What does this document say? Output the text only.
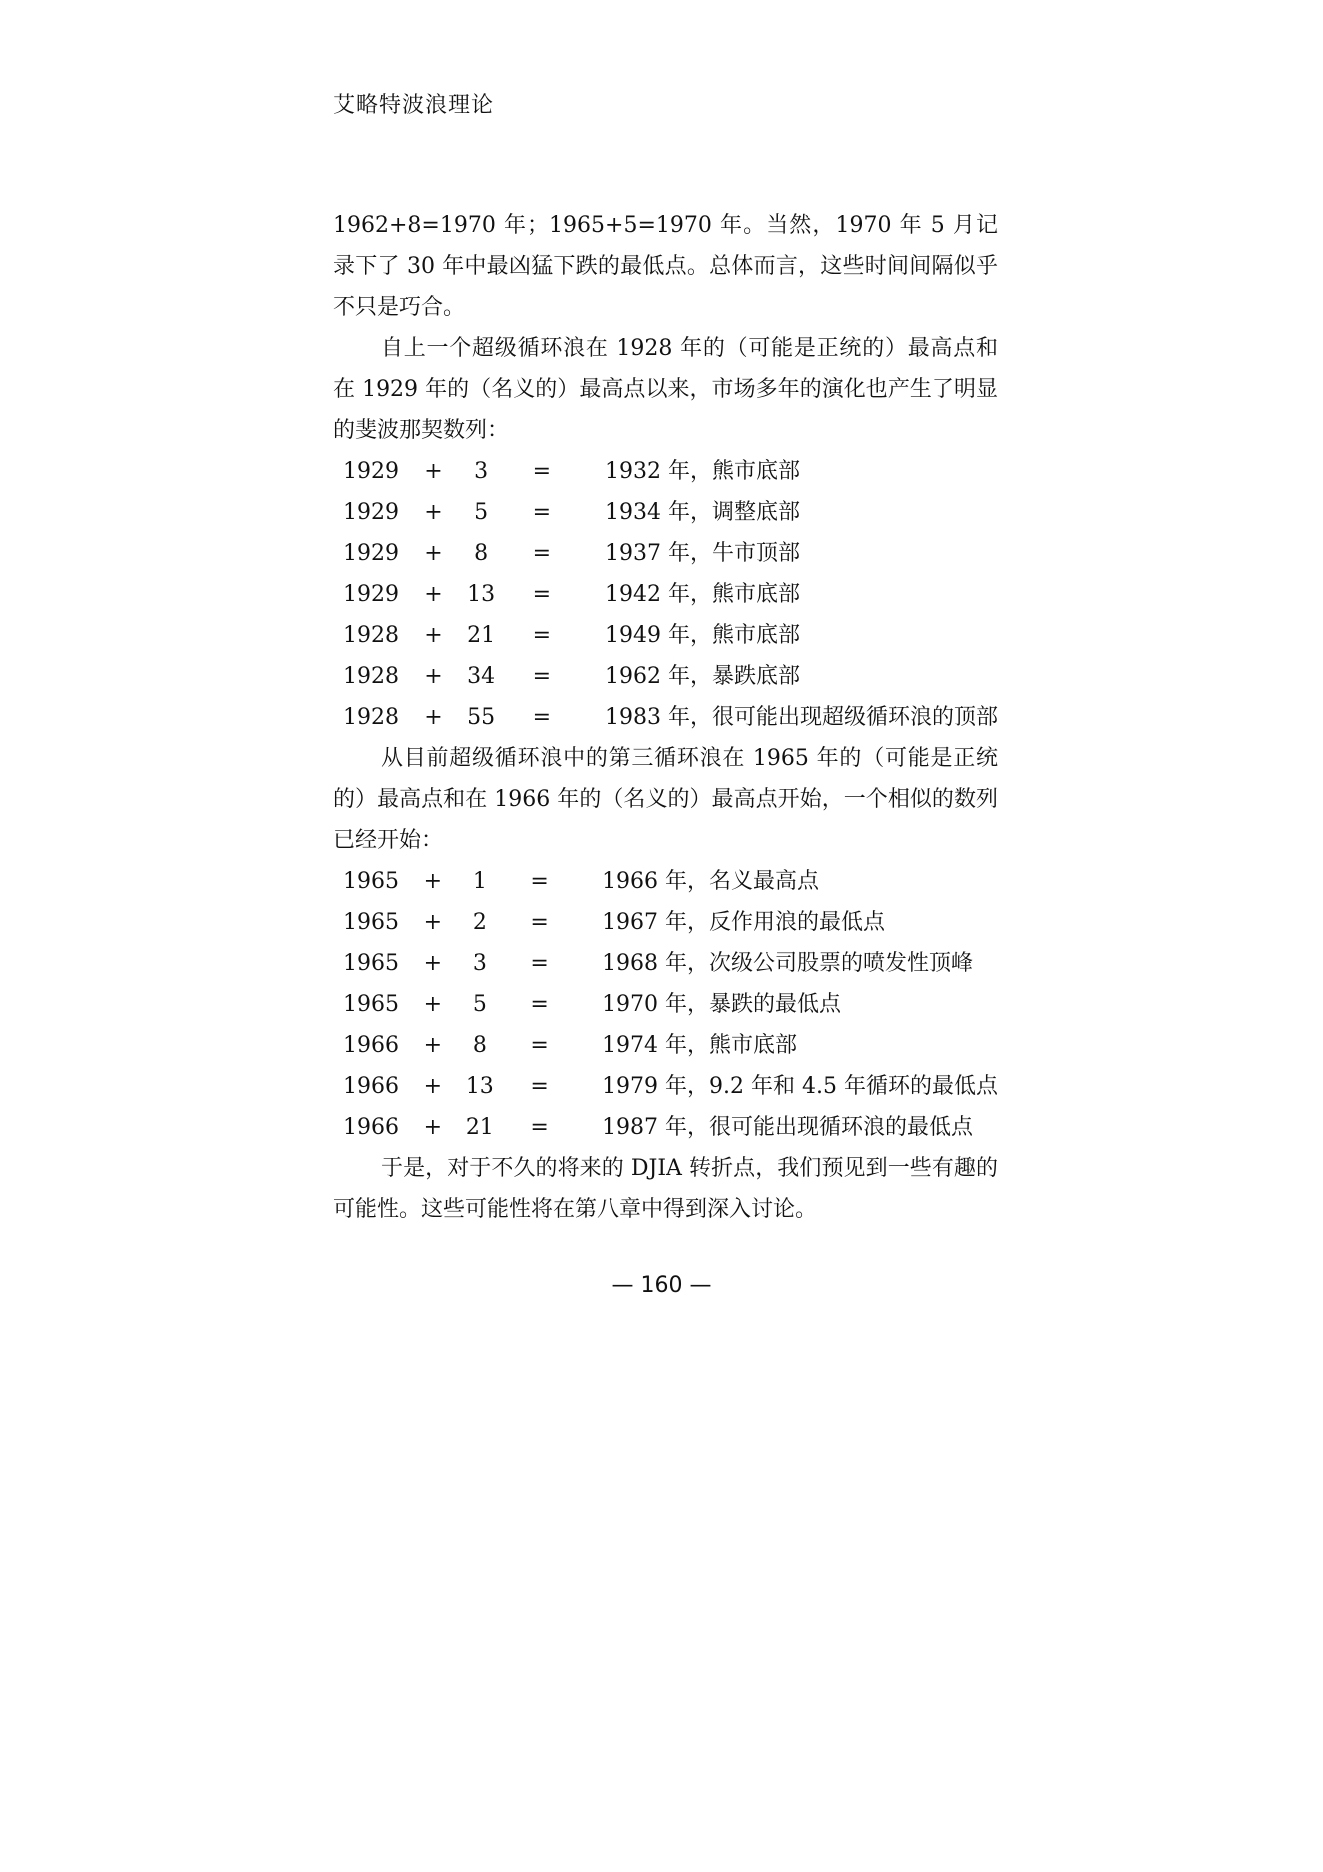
艾略特波浪理论

1962+8=1970 年；1965+5=1970 年。当然，1970 年 5 月记录下了 30 年中最凶猛下跌的最低点。总体而言，这些时间间隔似乎不只是巧合。

自上一个超级循环浪在 1928 年的（可能是正统的）最高点和在 1929 年的（名义的）最高点以来，市场多年的演化也产生了明显的斐波那契数列：

1929	+	3	=	1932 年，熊市底部
1929	+	5	=	1934 年，调整底部
1929	+	8	=	1937 年，牛市顶部
1929	+	13	=	1942 年，熊市底部
1928	+	21	=	1949 年，熊市底部
1928	+	34	=	1962 年，暴跌底部
1928	+	55	=	1983 年，很可能出现超级循环浪的顶部

从目前超级循环浪中的第三循环浪在 1965 年的（可能是正统的）最高点和在 1966 年的（名义的）最高点开始，一个相似的数列已经开始：

1965	+	1	=	1966 年，名义最高点
1965	+	2	=	1967 年，反作用浪的最低点
1965	+	3	=	1968 年，次级公司股票的喷发性顶峰
1965	+	5	=	1970 年，暴跌的最低点
1966	+	8	=	1974 年，熊市底部
1966	+	13	=	1979 年，9.2 年和 4.5 年循环的最低点
1966	+	21	=	1987 年，很可能出现循环浪的最低点

于是，对于不久的将来的 DJIA 转折点，我们预见到一些有趣的可能性。这些可能性将在第八章中得到深入讨论。

— 160 —
